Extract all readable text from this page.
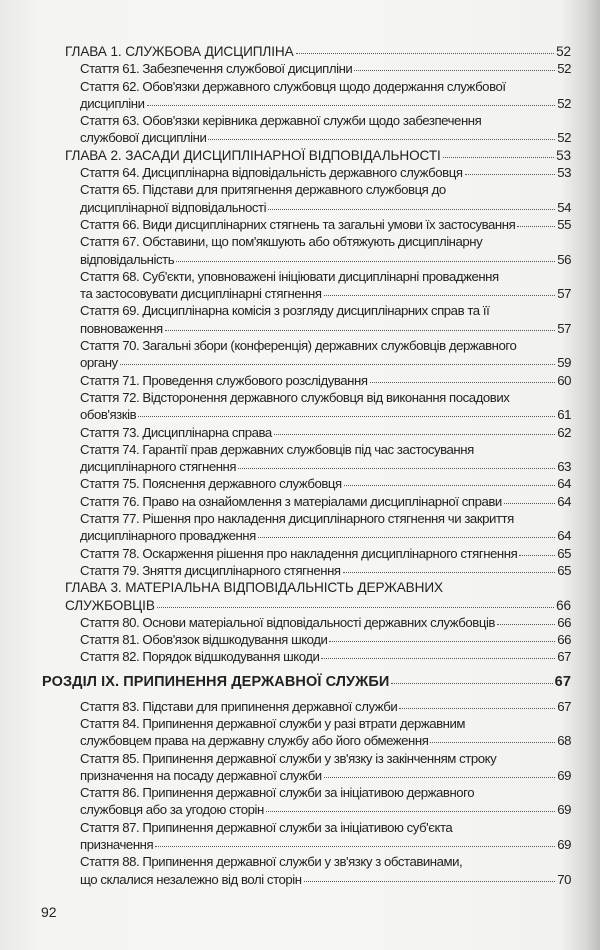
ГЛАВА 1. СЛУЖБОВА ДИСЦИПЛІНА	52
Стаття 61. Забезпечення службової дисципліни	52
Стаття 62. Обов'язки державного службовця щодо додержання службової
дисципліни	52
Стаття 63. Обов'язки керівника державної служби щодо забезпечення
службової дисципліни	52
ГЛАВА 2. ЗАСАДИ ДИСЦИПЛІНАРНОЇ ВІДПОВІДАЛЬНОСТІ	53
Стаття 64. Дисциплінарна відповідальність державного службовця	53
Стаття 65. Підстави для притягнення державного службовця до
дисциплінарної відповідальності	54
Стаття 66. Види дисциплінарних стягнень та загальні умови їх застосування	55
Стаття 67. Обставини, що пом'якшують або обтяжують дисциплінарну
відповідальність	56
Стаття 68. Суб'єкти, уповноважені ініціювати дисциплінарні провадження
та застосовувати дисциплінарні стягнення	57
Стаття 69. Дисциплінарна комісія з розгляду дисциплінарних справ та її
повноваження	57
Стаття 70. Загальні збори (конференція) державних службовців державного
органу	59
Стаття 71. Проведення службового розслідування	60
Стаття 72. Відсторонення державного службовця від виконання посадових
обов'язків	61
Стаття 73. Дисциплінарна справа	62
Стаття 74. Гарантії прав державних службовців під час застосування
дисциплінарного стягнення	63
Стаття 75. Пояснення державного службовця	64
Стаття 76. Право на ознайомлення з матеріалами дисциплінарної справи	64
Стаття 77. Рішення про накладення дисциплінарного стягнення чи закриття
дисциплінарного провадження	64
Стаття 78. Оскарження рішення про накладення дисциплінарного стягнення	65
Стаття 79. Зняття дисциплінарного стягнення	65
ГЛАВА 3. МАТЕРІАЛЬНА ВІДПОВІДАЛЬНІСТЬ ДЕРЖАВНИХ
СЛУЖБОВЦІВ	66
Стаття 80. Основи матеріальної відповідальності державних службовців	66
Стаття 81. Обов'язок відшкодування шкоди	66
Стаття 82. Порядок відшкодування шкоди	67
РОЗДІЛ IX. ПРИПИНЕННЯ ДЕРЖАВНОЇ СЛУЖБИ	67
Стаття 83. Підстави для припинення державної служби	67
Стаття 84. Припинення державної служби у разі втрати державним
службовцем права на державну службу або його обмеження	68
Стаття 85. Припинення державної служби у зв'язку із закінченням строку
призначення на посаду державної служби	69
Стаття 86. Припинення державної служби за ініціативою державного
службовця або за угодою сторін	69
Стаття 87. Припинення державної служби за ініціативою суб'єкта
призначення	69
Стаття 88. Припинення державної служби у зв'язку з обставинами,
що склалися незалежно від волі сторін	70
92
